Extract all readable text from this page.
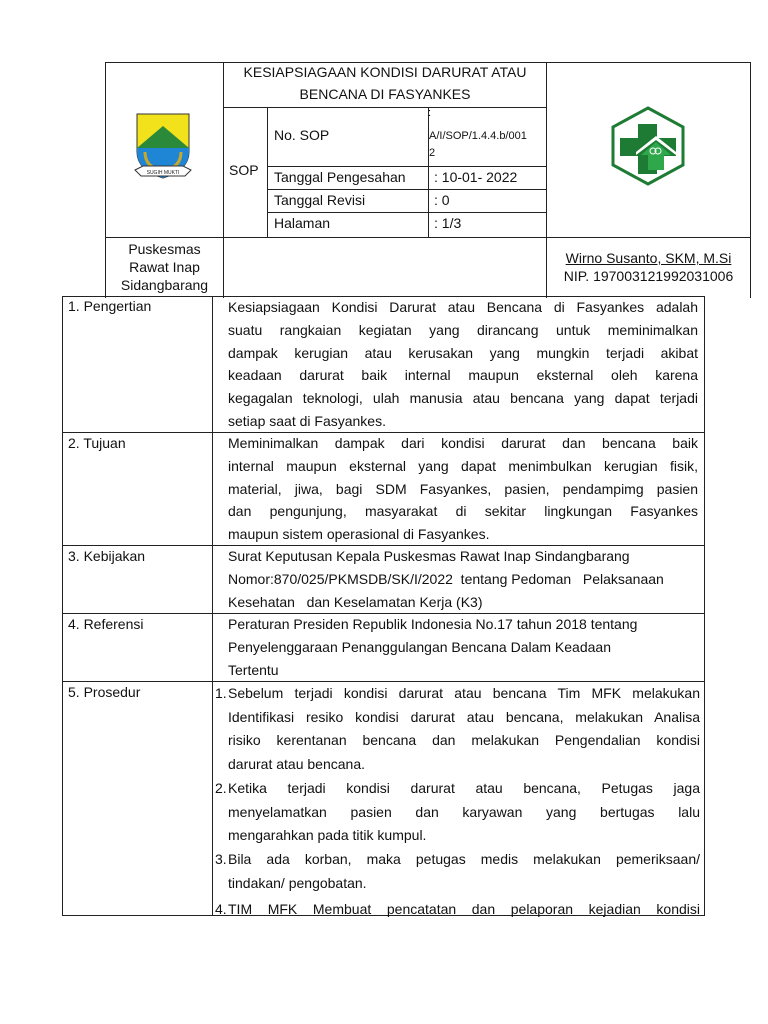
SUGIH MUKTI
KESIAPSIAGAAN KONDISI DARURAT ATAU
BENCANA DI FASYANKES
SOP
No. SOP
:
A/I/SOP/1.4.4.b/001
2
Tanggal Pengesahan : 10-01- 2022
Tanggal Revisi	: 0
Halaman	: 1/3
Puskesmas
Rawat Inap
Sidangbarang
Wirno Susanto, SKM, M.Si
NIP. 197003121992031006
1. Pengertian
2. Tujuan
3. Kebijakan
4. Referensi
5. Prosedur
Kesiapsiagaan Kondisi Darurat atau Bencana di Fasyankes adalah
suatu rangkaian kegiatan yang dirancang untuk meminimalkan
dampak kerugian atau kerusakan yang mungkin terjadi akibat
keadaan darurat baik internal maupun eksternal oleh karena
kegagalan teknologi, ulah manusia atau bencana yang dapat terjadi
setiap saat di Fasyankes.
Meminimalkan dampak dari kondisi darurat dan bencana baik
internal maupun eksternal yang dapat menimbulkan kerugian fisik,
material, jiwa, bagi SDM Fasyankes, pasien, pendampimg pasien
dan pengunjung, masyarakat di sekitar lingkungan Fasyankes
maupun sistem operasional di Fasyankes.
Surat Keputusan Kepala Puskesmas Rawat Inap Sindangbarang
Nomor:870/025/PKMSDB/SK/I/2022  tentang Pedoman   Pelaksanaan
Kesehatan   dan Keselamatan Kerja (K3)
Peraturan Presiden Republik Indonesia No.17 tahun 2018 tentang
Penyelenggaraan Penanggulangan Bencana Dalam Keadaan
Tertentu
1. Sebelum terjadi kondisi darurat atau bencana Tim MFK melakukan
Identifikasi resiko kondisi darurat atau bencana, melakukan Analisa
risiko kerentanan bencana dan melakukan Pengendalian kondisi
darurat atau bencana.
2. Ketika terjadi kondisi darurat atau bencana, Petugas jaga
menyelamatkan pasien dan karyawan yang bertugas lalu
mengarahkan pada titik kumpul.
3. Bila ada korban, maka petugas medis melakukan pemeriksaan/
tindakan/ pengobatan.
4. TIM MFK Membuat pencatatan dan pelaporan kejadian kondisi
